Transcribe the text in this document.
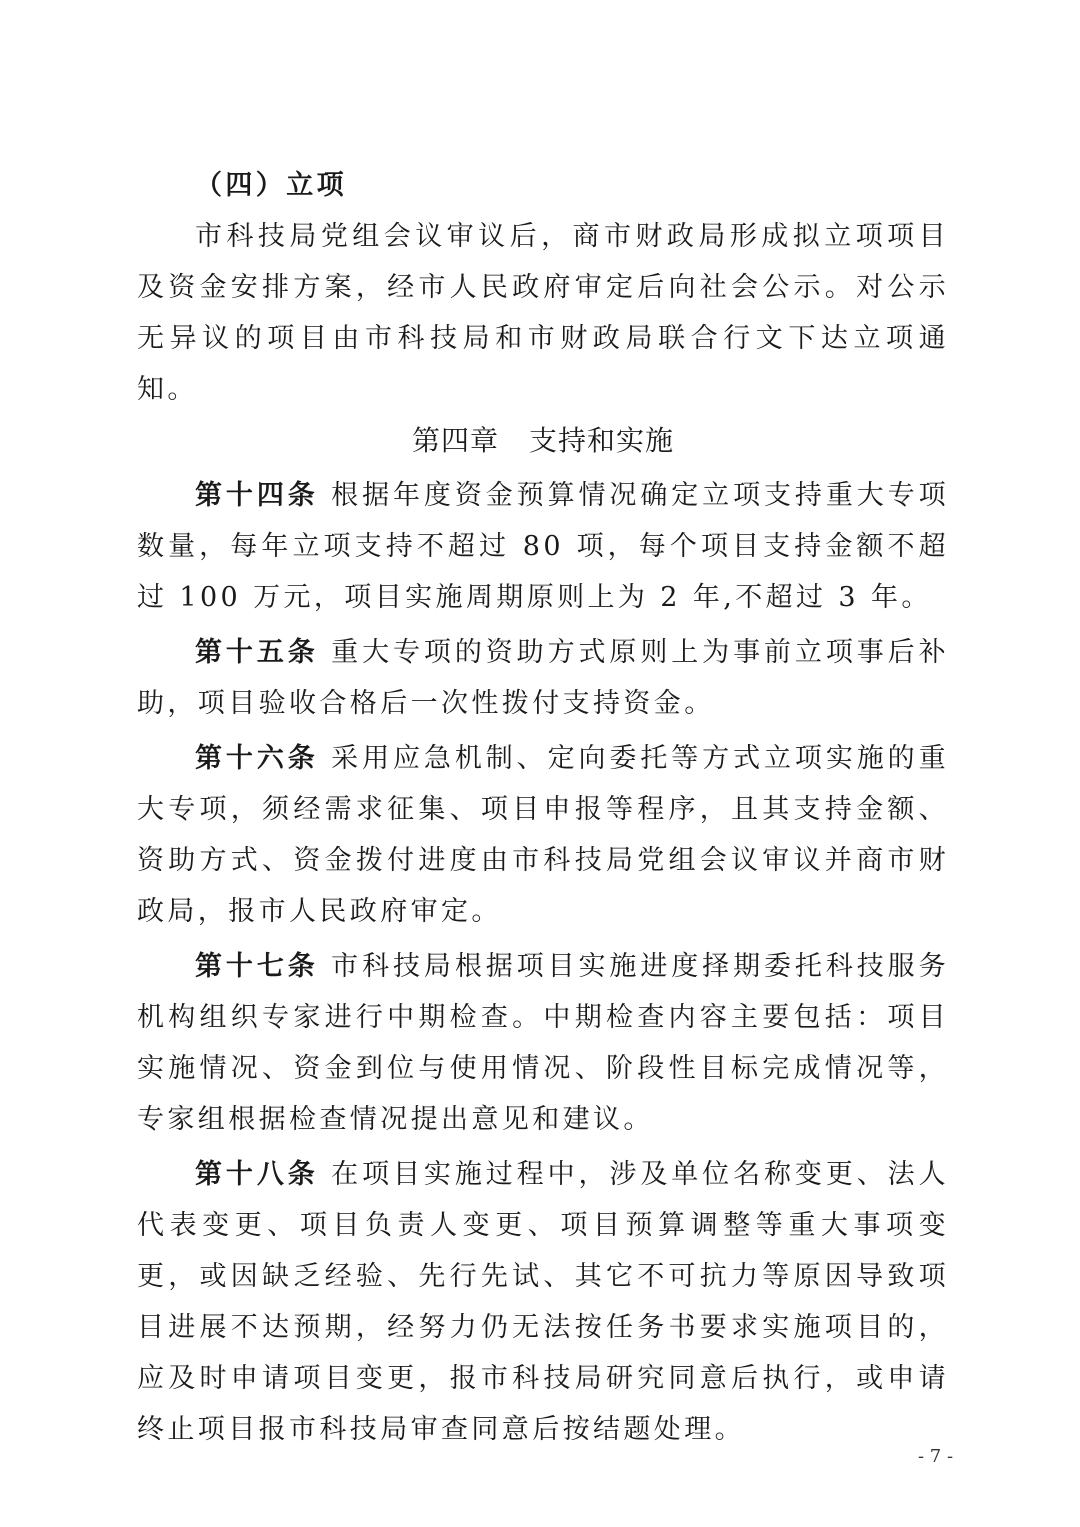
（四）立项

市科技局党组会议审议后，商市财政局形成拟立项项目及资金安排方案，经市人民政府审定后向社会公示。对公示无异议的项目由市科技局和市财政局联合行文下达立项通知。

第四章 支持和实施

第十四条 根据年度资金预算情况确定立项支持重大专项数量，每年立项支持不超过 80 项，每个项目支持金额不超过 100 万元，项目实施周期原则上为 2 年,不超过 3 年。

第十五条 重大专项的资助方式原则上为事前立项事后补助，项目验收合格后一次性拨付支持资金。

第十六条 采用应急机制、定向委托等方式立项实施的重大专项，须经需求征集、项目申报等程序，且其支持金额、资助方式、资金拨付进度由市科技局党组会议审议并商市财政局，报市人民政府审定。

第十七条 市科技局根据项目实施进度择期委托科技服务机构组织专家进行中期检查。中期检查内容主要包括：项目实施情况、资金到位与使用情况、阶段性目标完成情况等，专家组根据检查情况提出意见和建议。

第十八条 在项目实施过程中，涉及单位名称变更、法人代表变更、项目负责人变更、项目预算调整等重大事项变更，或因缺乏经验、先行先试、其它不可抗力等原因导致项目进展不达预期，经努力仍无法按任务书要求实施项目的，应及时申请项目变更，报市科技局研究同意后执行，或申请终止项目报市科技局审查同意后按结题处理。

- 7 -
